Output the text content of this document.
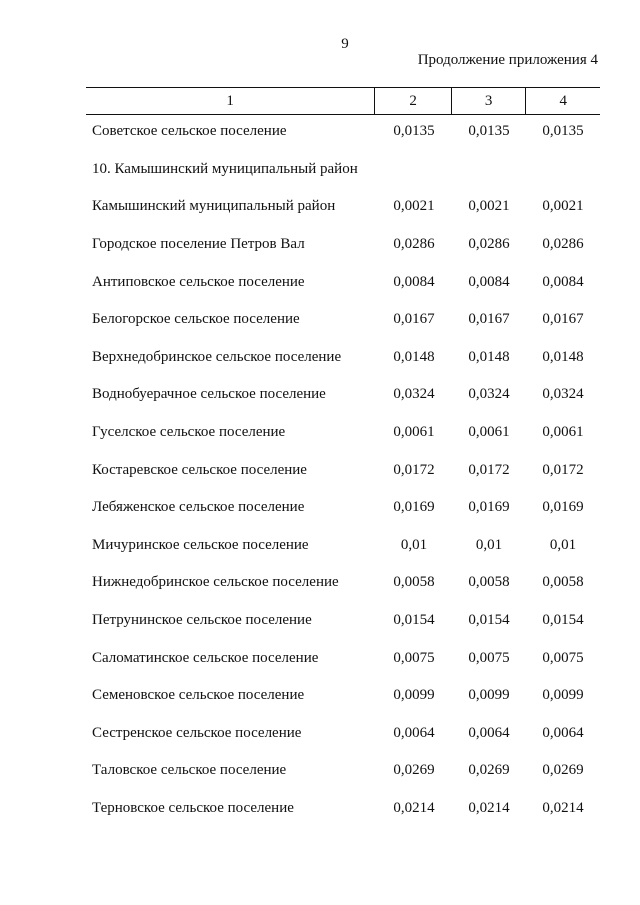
9
Продолжение приложения 4
1	2	3	4
Советское сельское поселение	0,0135	0,0135	0,0135
10. Камышинский муниципальный район
Камышинский муниципальный район	0,0021	0,0021	0,0021
Городское поселение Петров Вал	0,0286	0,0286	0,0286
Антиповское сельское поселение	0,0084	0,0084	0,0084
Белогорское сельское поселение	0,0167	0,0167	0,0167
Верхнедобринское сельское поселение	0,0148	0,0148	0,0148
Воднобуерачное сельское поселение	0,0324	0,0324	0,0324
Гуселское сельское поселение	0,0061	0,0061	0,0061
Костаревское сельское поселение	0,0172	0,0172	0,0172
Лебяженское сельское поселение	0,0169	0,0169	0,0169
Мичуринское сельское поселение	0,01	0,01	0,01
Нижнедобринское сельское поселение	0,0058	0,0058	0,0058
Петрунинское сельское поселение	0,0154	0,0154	0,0154
Саломатинское сельское поселение	0,0075	0,0075	0,0075
Семеновское сельское поселение	0,0099	0,0099	0,0099
Сестренское сельское поселение	0,0064	0,0064	0,0064
Таловское сельское поселение	0,0269	0,0269	0,0269
Терновское сельское поселение	0,0214	0,0214	0,0214
